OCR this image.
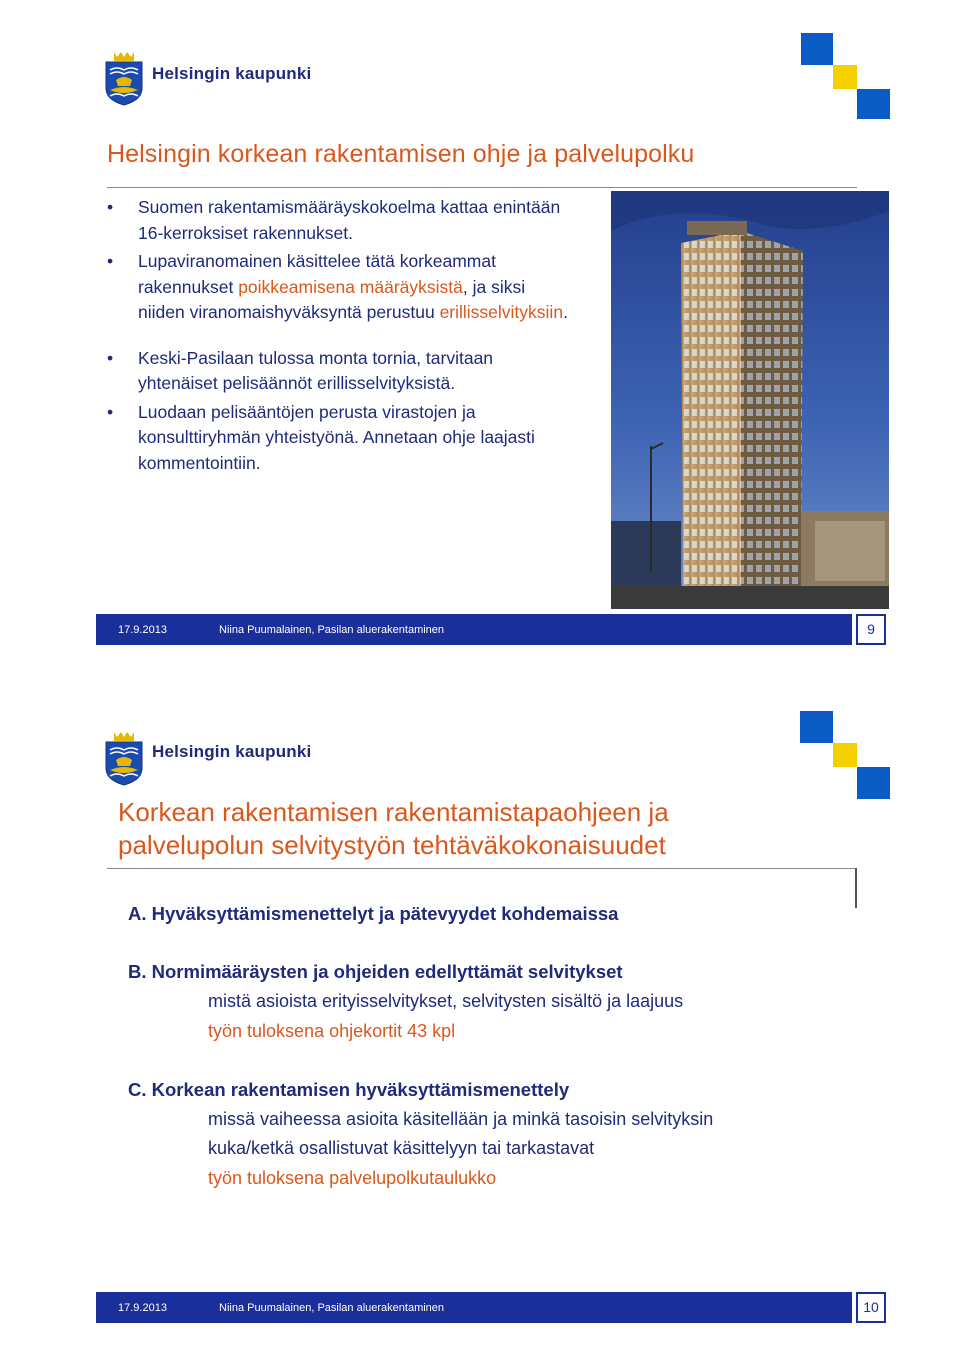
Helsingin kaupunki
Helsingin korkean rakentamisen ohje ja palvelupolku
• Suomen rakentamismääräyskokoelma kattaa enintään 16-kerroksiset rakennukset.
• Lupaviranomainen käsittelee tätä korkeammat rakennukset poikkeamisena määräyksistä, ja siksi niiden viranomaishyväksyntä perustuu erillisselvityksiin.
• Keski-Pasilaan tulossa monta tornia, tarvitaan yhtenäiset pelisäännöt erillisselvityksistä.
• Luodaan pelisääntöjen perusta virastojen ja konsulttiryhmän yhteistyönä. Annetaan ohje laajasti kommentointiin.
17.9.2013	Niina Puumalainen, Pasilan aluerakentaminen	9
Helsingin kaupunki
Korkean rakentamisen rakentamistapaohjeen ja
palvelupolun selvitystyön tehtäväkokonaisuudet
A. Hyväksyttämismenettelyt ja pätevyydet kohdemaissa
B. Normimääräysten ja ohjeiden edellyttämät selvitykset
mistä asioista erityisselvitykset, selvitysten sisältö ja laajuus
työn tuloksena ohjekortit 43 kpl
C. Korkean rakentamisen hyväksyttämismenettely
missä vaiheessa asioita käsitellään ja minkä tasoisin selvityksin
kuka/ketkä osallistuvat käsittelyyn tai tarkastavat
työn tuloksena palvelupolkutaulukko
17.9.2013	Niina Puumalainen, Pasilan aluerakentaminen	10
